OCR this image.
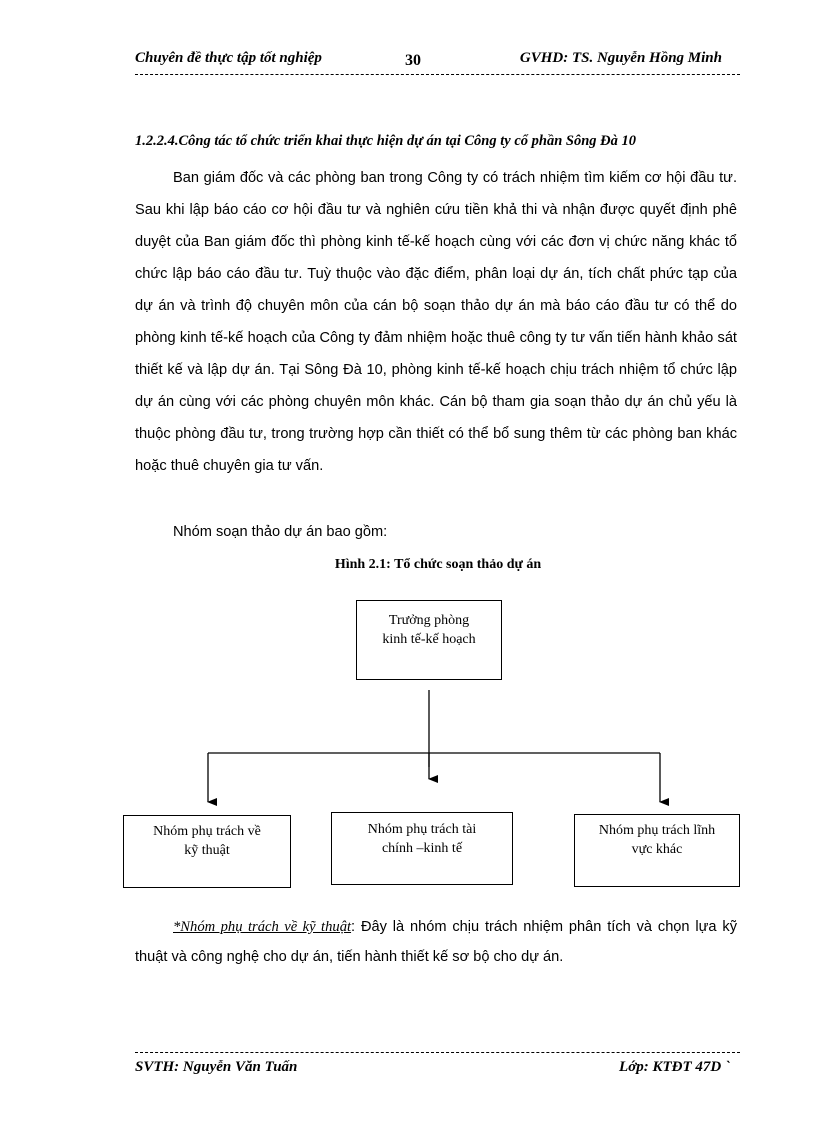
Chuyên đề thực tập tốt nghiệp	30	GVHD: TS. Nguyễn Hồng Minh
1.2.2.4.Công tác tổ chức triển khai thực hiện dự án tại Công ty cổ phần Sông Đà 10

Ban giám đốc và các phòng ban trong Công ty có trách nhiệm tìm kiếm cơ hội đầu tư. Sau khi lập báo cáo cơ hội đầu tư và nghiên cứu tiền khả thi và nhận được quyết định phê duyệt của Ban giám đốc thì phòng kinh tế-kế hoạch cùng với các đơn vị chức năng khác tổ chức lập báo cáo đầu tư. Tuỳ thuộc vào đặc điểm, phân loại dự án, tích chất phức tạp của dự án và trình độ chuyên môn của cán bộ soạn thảo dự án mà báo cáo đầu tư có thể do phòng kinh tế-kế hoạch của Công ty đảm nhiệm hoặc thuê công ty tư vấn tiến hành khảo sát thiết kế và lập dự án. Tại Sông Đà 10, phòng kinh tế-kế hoạch chịu trách nhiệm tổ chức lập dự án cùng với các phòng chuyên môn khác. Cán bộ tham gia soạn thảo dự án chủ yếu là thuộc phòng đầu tư, trong trường hợp cần thiết có thể bổ sung thêm từ các phòng ban khác hoặc thuê chuyên gia tư vấn.

Nhóm soạn thảo dự án bao gồm:

Hình 2.1: Tổ chức soạn thảo dự án
Trưởng phòng
kinh tế-kế hoạch
Nhóm phụ trách về
kỹ thuật
Nhóm phụ trách tài
chính –kinh tế
Nhóm phụ trách lĩnh
vực khác

*Nhóm phụ trách về kỹ thuật: Đây là nhóm chịu trách nhiệm phân tích và chọn lựa kỹ thuật và công nghệ cho dự án, tiến hành thiết kế sơ bộ cho dự án.

SVTH: Nguyễn Văn Tuấn	Lớp: KTĐT 47D `
